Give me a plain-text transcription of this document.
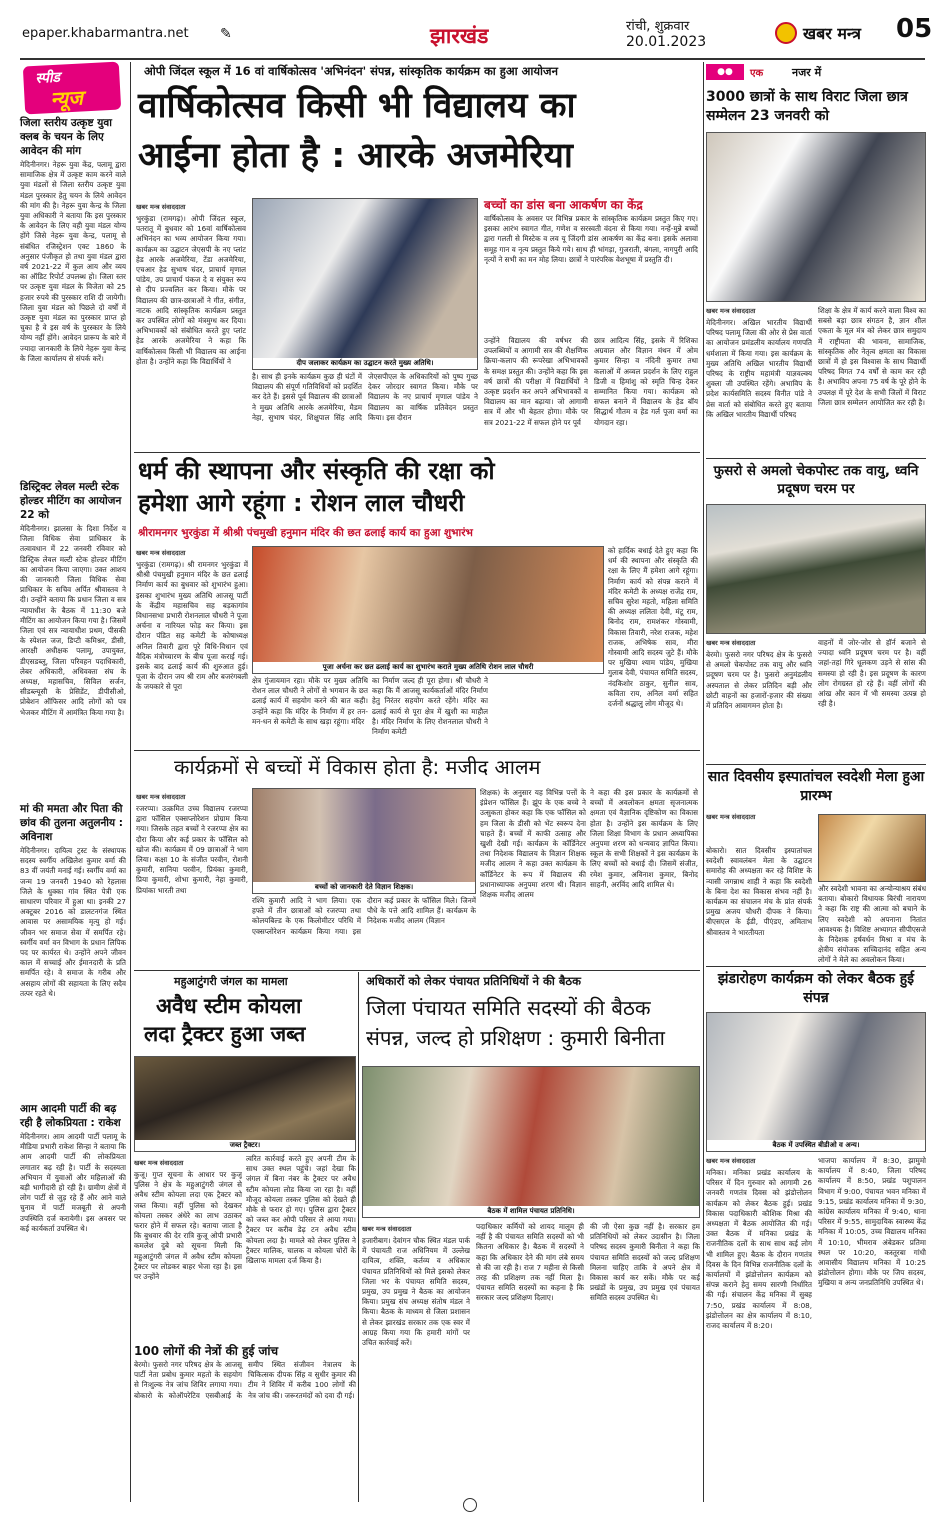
epaper.khabarmantra.net ✎	झारखंड	रांची, शुक्रवार
20.01.2023	खबर मन्त्र 05
स्पीड
न्यूज
जिला स्तरीय उत्कृष्ट युवा क्लब के चयन के लिए आवेदन की मांग
मेदिनीनगर। नेहरू युवा केंद्र, पलामू द्वारा सामाजिक क्षेत्र में उत्कृष्ट काम करने वाले युवा मंडलों से जिला स्तरीय उत्कृष्ट युवा मंडल पुरस्कार हेतु चयन के लिये आवेदन की मांग की है। नेहरू युवा केन्द्र के जिला युवा अधिकारी ने बताया कि इस पुरस्कार के आवेदन के लिए वही युवा मंडल योग्य होंगे जिसे नेहरू युवा केन्द्र, पलामू से संबंधित रजिस्ट्रेशन एक्ट 1860 के अनुसार पंजीकृत हो तथा युवा मंडल द्वारा वर्ष 2021-22 में कुल आय और व्यय का ऑडिट रिपोर्ट उपलब्ध हो। जिला स्तर पर उत्कृष्ट युवा मंडल के विजेता को 25 हजार रुपये की पुरस्कार राशि दी जायेगी। जिला युवा मंडल को पिछले दो वर्षों में उत्कृष्ट युवा मंडल का पुरस्कार प्राप्त हो चुका है वे इस वर्ष के पुरस्कार के लिये योग्य नहीं होंगे। आवेदन प्रारूप के बारे में ज्यादा जानकारी के लिये नेहरू युवा केन्द्र के जिला कार्यालय से संपर्क करें।
डिस्ट्रिक्ट लेवल मल्टी स्टेक होल्डर मीटिंग का आयोजन 22 को
मेदिनीनगर। झालसा के दिशा निर्देश व जिला विधिक सेवा प्राधिकार के तत्वावधान में 22 जनवरी रविवार को डिस्ट्रिक लेवल मल्टी स्टेक होल्डर मीटिंग का आयोजन किया जाएगा। उक्त आशय की जानकारी जिला विधिक सेवा प्राधिकार के सचिव अर्पित श्रीवास्तव ने दी। उन्होंने बताया कि प्रधान जिला व सत्र न्यायाधीश के बैठक में 11:30 बजे मीटिंग का आयोजन किया गया है। जिसमें जिला एवं सत्र न्यायाधीश प्रथम, पीसकी के स्पेशल जज, डिप्टी कमिश्नर, डीसी, आरक्षी अधीक्षक पलामू, उपायुक्त, डीएसडब्लू, जिला परिवहन पदाधिकारी, लेबर अधिकारी, अधिवक्ता संघ के अध्यक्ष, महासचिव, सिविल सर्जन, सीडब्ल्यूसी के प्रेसिडेंट, डीपीसीओ, प्रोबेशन ऑफिसर आदि लोगों को पत्र भेजकर मीटिंग में आमंत्रित किया गया है।
मां की ममता और पिता की छांव की तुलना अतुलनीय : अविनाश
मेदिनीनगर। दायित्व ट्रस्ट के संस्थापक सदस्य स्वर्गीय अखिलेश कुमार वर्मा की 83 वीं जयंती मनाई गई। स्वर्गीय वर्मा का जन्म 19 जनवरी 1940 को रेहलास जिले के धुक्का गांव स्थित पेत्री एक साधारण परिवार में हुआ था। इनकी 27 अक्टूबर 2016 को डालटनगंज स्थित आवास पर असामयिक मृत्यु हो गई। जीवन भर समाज सेवा में समर्पित रहे। स्वर्गीय वर्मा वन विभाग के प्रधान लिपिक पद पर कार्यरत थे। उन्होंने अपने जीवन काल में सच्चाई और ईमानदारी के प्रति समर्पित रहे। वे समाज के गरीब और असहाय लोगों की सहायता के लिए सदैव तत्पर रहते थे।
आम आदमी पार्टी की बढ़ रही है लोकप्रियता : राकेश
मेदिनीनगर। आम आदमी पार्टी पलामू के मीडिया प्रभारी राकेश सिन्हा ने बताया कि आम आदमी पार्टी की लोकप्रियता लगातार बढ़ रही है। पार्टी के सदस्यता अभियान में युवाओं और महिलाओं की बड़ी भागीदारी हो रही है। ग्रामीण क्षेत्रों में लोग पार्टी से जुड़ रहे हैं और आने वाले चुनाव में पार्टी मजबूती से अपनी उपस्थिति दर्ज करायेगी। इस अवसर पर कई कार्यकर्ता उपस्थित थे।
ओपी जिंदल स्कूल में 16 वां वार्षिकोत्सव 'अभिनंदन' संपन्न, सांस्कृतिक कार्यक्रम का हुआ आयोजन
वार्षिकोत्सव किसी भी विद्यालय का
आईना होता है : आरके अजमेरिया
खबर मन्त्र संवाददाता
भुरकुंडा (रामगढ़)। ओपी जिंदल स्कूल, पतरातू में बुधवार को 16वां वार्षिकोत्सव अभिनंदन का भव्य आयोजन किया गया। कार्यक्रम का उद्घाटन जेएसपी के नए प्लांट हेड आरके अजमेरिया, टेंडा अजमेरिया, एचआर हेड सुभाष चंदर, प्राचार्य मृणाल पांडेय, उप प्राचार्य पंकज दे व संयुक्त रूप से दीप प्रज्वलित कर किया। मौके पर विद्यालय की छात्र-छात्राओं ने गीत, संगीत, नाटक आदि सांस्कृतिक कार्यक्रम प्रस्तुत कर उपस्थित लोगों को मंत्रमुग्ध कर दिया। अभिभावकों को संबोधित करते हुए प्लांट हेड आरके अजमेरिया ने कहा कि वार्षिकोत्सव किसी भी विद्यालय का आईना होता है। उन्होंने कहा कि विद्यार्थियों ने	दीप जलाकर कार्यक्रम का उद्घाटन करते मुख्य अतिथि।
है। साथ ही इनके कार्यक्रम कुछ ही घंटों में विद्यालय की संपूर्ण गतिविधियों को प्रदर्शित कर देते हैं। इससे पूर्व विद्यालय की छात्राओं ने मुख्य अतिथि आरके अजमेरिया, मैडम नेहा, सुभाष चंदर, शिक्षुपाल सिंह आदि जेएसपीएल के अधिकारियों को पुष्प गुच्छ देकर जोरदार स्वागत किया। मौके पर विद्यालय के नए प्राचार्य मृणाल पांडेय ने विद्यालय का वार्षिक प्रतिवेदन प्रस्तुत किया। इस दौरान
बच्चों का डांस बना आकर्षण का केंद्र
वार्षिकोत्सव के अवसर पर विभिन्न प्रकार के सांस्कृतिक कार्यक्रम प्रस्तुत किए गए। इसका आरंभ स्वागत गीत, गणेश व सरस्वती वंदना से किया गया। नन्हें-मुन्ने बच्चों द्वारा गलती से मिस्टेक व लव यू जिंदगी डांस आकर्षण का केंद्र बना। इसके अलावा समूह गान व नृत्य प्रस्तुत किये गये। साथ ही भांगड़ा, गुजराती, बंगला, नागपुरी आदि नृत्यों ने सभी का मन मोह लिया। छात्रों ने पारंपरिक वेशभूषा में प्रस्तुति दी।
उन्होंने विद्यालय की वर्षभर की उपलब्धियों व आगामी सत्र की शैक्षणिक क्रिया-कलाप की रूपरेखा अभिभावकों के समक्ष प्रस्तुत की। उन्होंने कहा कि इस वर्ष छात्रों की परीक्षा में विद्यार्थियों ने उत्कृष्ट प्रदर्शन कर अपने अभिभावकों व विद्यालय का मान बढ़ाया। जो आगामी सत्र में और भी बेहतर होगा। मौके पर सत्र 2021-22 में सफल होने पर पूर्व
छात्र आदित्य सिंह, इसके में रिशिका अग्रवाल और विज्ञान मंथन में ओम कुमार सिन्हा व नंदिनी कुमार तथा कलाओं में अव्वल प्रदर्शन के लिए राहुल डिजी व हिमांशु को स्मृति चिन्ह देकर सम्मानित किया गया। कार्यक्रम को सफल बनाने में विद्यालय के हेड बॉय सिद्धार्थ गौतम व हेड गर्ल पूजा वर्मा का योगदान रहा।
धर्म की स्थापना और संस्कृति की रक्षा को
हमेशा आगे रहूंगा : रोशन लाल चौधरी
श्रीरामनगर भुरकुंडा में श्रीश्री पंचमुखी हनुमान मंदिर की छत ढलाई कार्य का हुआ शुभारंभ
खबर मन्त्र संवाददाता
भुरकुंडा (रामगढ़)। श्री रामनगर भुरकुंडा में श्रीश्री पंचमुखी हनुमान मंदिर के छत ढलाई निर्माण कार्य का बुधवार को शुभारंभ हुआ। इसका शुभारंभ मुख्य अतिथि आजसू पार्टी के केंद्रीय महासचिव सह बड़कागांव विधानसभा प्रभारी रोशनलाल चौधरी ने पूजा अर्चना व नारियल फोड़ कर किया। इस दौरान पंडित सह कमेटी के कोषाध्यक्ष अनिल तिवारी द्वारा पूरे विधि-विधान एवं वैदिक मंत्रोच्चारण के बीच पूजा कराई गई। इसके बाद ढलाई कार्य की शुरुआत हुई। पूजा के दौरान जय श्री राम और बजरंगबली के जयकारे से पूरा
पूजा अर्चना कर छत ढलाई कार्य का शुभारंभ कराते मुख्य अतिथि रोशन लाल चौधरी
क्षेत्र गुंजायमान रहा। मौके पर मुख्य अतिथि रोशन लाल चौधरी ने लोगों से भगवान के छत ढलाई कार्य में सहयोग करने की बात कही। उन्होंने कहा कि मंदिर के निर्माण में हर तन-मन-धन से कमेटी के साथ खड़ा रहूंगा। मंदिर
का निर्माण जल्द ही पूरा होगा। श्री चौधरी ने कहा कि मैं आजसू कार्यकर्ताओं मंदिर निर्माण हेतु निरंतर सहयोग करते रहेंगे। मंदिर का ढलाई कार्य से पूरा क्षेत्र में खुशी का माहौल है। मंदिर निर्माण के लिए रोशनलाल चौधरी ने निर्माण कमेटी
को हार्दिक बधाई देते हुए कहा कि धर्म की स्थापना और संस्कृति की रक्षा के लिए मैं हमेशा आगे रहूंगा। निर्माण कार्य को संपन्न कराने में मंदिर कमेटी के अध्यक्ष राजेंद्र राम, सचिव सुरेश महतो, महिला समिति की अध्यक्ष ललिता देवी, मंटू राम, बिनोद राम, रामशंकर गोस्वामी, विकास तिवारी, नरेश राजक, महेश राजक, अभिषेक साव, मीरा गोस्वामी आदि सदस्य जुटे हैं। मौके पर मुखिया श्याम पांडेय, मुखिया गुलाब देवी, पंचायत समिति सदस्य, नंदकिशोर ठाकुर, सुनील साव, कविता राय, अनिल वर्मा सहित दर्जनों श्रद्धालु लोग मौजूद थे।
कार्यक्रमों से बच्चों में विकास होता है: मजीद आलम
खबर मन्त्र संवाददाता
रजरप्पा। उत्क्रमित उच्च विद्यालय रजरप्पा द्वारा फॉसिल एक्सप्लोरेशन प्रोग्राम किया गया। जिसके तहत बच्चों ने रजरप्पा क्षेत्र का दौरा किया और कई प्रकार के फॉसिल को खोज की। कार्यक्रम में 09 छात्राओं ने भाग लिया। कक्षा 10 के संजीत परवीन, रोशनी कुमारी, सानिया परवीन, प्रियंका कुमारी, प्रिया कुमारी, शोभा कुमारी, नेहा कुमारी, प्रियांका भारती तथा	बच्चों को जानकारी देते विज्ञान शिक्षक।
रश्मि कुमारी आदि ने भाग लिया। एक हफ्ते में तीन छात्राओं को रजरप्पा तथा कोलयबिल्ड के एक किलोमीटर परिधि में एक्सप्लोरेशन कार्यक्रम किया गया। इस दौरान कई प्रकार के फॉसिल मिले। जिनमें पौधे के पत्ते आदि शामिल हैं। कार्यक्रम के निदेशक मजीद आलम (विज्ञान
शिक्षक) के अनुसार यह विभिन्न पत्तों के इंप्रेशन फॉसिल हैं। झूंप के एक बच्चे ने उत्सुकता होकर कहा कि एक फॉसिल को हम जिला के डीसी को भेंट स्वरूप देना चाहते हैं। बच्चों में काफी उत्साह और खुशी देखी गई। कार्यक्रम के कॉर्डिनेटर तथा निदेशक विद्यालय के विज्ञान शिक्षक मजीद आलम ने कहा उक्त कार्यक्रम के कॉर्डिनेटर के रूप में विद्यालय की प्रधानाध्यापक अनुपमा शरण थी। विज्ञान शिक्षक मजीद आलम
ने कहा की इस प्रकार के कार्यक्रमों से बच्चों में अवलोकन क्षमता सृजनात्मक क्षमता एवं वैज्ञानिक दृष्टिकोण का विकास होता है। उन्होंने इस कार्यक्रम के लिए जिला शिक्षा विभाग के प्रधान अध्यापिका अनुपमा शरण को धन्यवाद ज्ञापित किया। स्कूल के सभी शिक्षकों ने इस कार्यक्रम के लिए बच्चों को बधाई दी। जिसमें संजीत, रमेश कुमार, अविनाश कुमार, बिनोद साहनी, अरविंद आदि शामिल थे।
महुआटुंगरी जंगल का मामला
अवैध स्टीम कोयला
लदा ट्रैक्टर हुआ जब्त
जब्त ट्रैक्टर।
खबर मन्त्र संवाददाता
कुजू। गुप्त सूचना के आधार पर कुजू पुलिस ने क्षेत्र के महुआटुंगरी जंगल से अवैध स्टीम कोयला लदा एक ट्रैक्टर को जब्त किया। वहीं पुलिस को देखकर कोयला तस्कर अंधेरे का लाभ उठाकर फरार होने में सफल रहे। बताया जाता है कि बुधवार की देर रात्रि कुजू ओपी प्रभारी कमलेश दुबे को सूचना मिली कि महुआटुंगरी जंगल में अवैध स्टीम कोयला ट्रैक्टर पर लोडकर बाहर भेजा रहा है। इस पर उन्होंने
त्वरित कार्रवाई करते हुए अपनी टीम के साथ उक्त स्थल पहुंचे। जहां देखा कि जंगल में बिना नंबर के ट्रैक्टर पर अवैध स्टीम कोयला लोड किया जा रहा है। वहीं मौजूद कोयला तस्कर पुलिस को देखते ही मौके से फरार हो गए। पुलिस द्वारा ट्रैक्टर को जब्त कर ओपी परिसर ले आया गया। ट्रैक्टर पर करीब डेढ़ टन अवैध स्टीम कोयला लदा है। मामले को लेकर पुलिस ने ट्रैक्टर मालिक, चालक व कोयला चोरों के खिलाफ मामला दर्ज किया है।
100 लोगों की नेत्रों की हुई जांच
बेरमो। फुसरो नगर परिषद क्षेत्र के आजसू पार्टी नेता प्रबोध कुमार महतो के सहयोग से निःशुल्क नेत्र जांच शिविर लगाया गया। बोकारो के कोऑपरेटिव एसबीआई के समीप स्थित संजीवन नेत्रालय के चिकित्सक दीपक सिंह व सुधीर कुमार की टीम ने शिविर में करीब 100 लोगों की नेत्र जांच की। जरूरतमंदों को दवा दी गई।
अधिकारों को लेकर पंचायत प्रतिनिधियों ने की बैठक
जिला पंचायत समिति सदस्यों की बैठक
संपन्न, जल्द हो प्रशिक्षण : कुमारी बिनीता
बैठक में शामिल पंचायत प्रतिनिधि।
खबर मन्त्र संवाददाता
हजारीबाग। देवांगन चौक स्थित मंडल पार्क में पंचायती राज अधिनियम में उल्लेख दायित्व, शक्ति, कर्तव्य व अधिकार पंचायत प्रतिनिधियों को मिले इसको लेकर जिला भर के पंचायत समिति सदस्य, प्रमुख, उप प्रमुख ने बैठक का आयोजन किया। प्रमुख संघ अध्यक्ष संतोष मंडल ने किया। बैठक के माध्यम से जिला प्रशासन से लेकर झारखंड सरकार तक एक स्वर में आग्रह किया गया कि हमारी मांगों पर उचित कार्रवाई करें।
पदाधिकार कर्मियों को शायद मालूम ही नहीं है की पंचायत समिति सदस्यों को भी कितना अधिकार है। बैठक में सदस्यों ने कहा कि अधिकार देने की मांग लंबे समय से की जा रही है। राज 7 महीना से किसी तरह की प्रशिक्षण तक नहीं मिला है। पंचायत समिति सदस्यों का कहना है कि सरकार जल्द प्रशिक्षण दिलाए।
की जी ऐसा कुछ नहीं है। सरकार हम प्रतिनिधियों को लेकर उदासीन है। जिला परिषद सदस्य कुमारी बिनीता ने कहा कि पंचायत समिति सदस्यों को जल्द प्रशिक्षण मिलना चाहिए ताकि वे अपने क्षेत्र में विकास कार्य कर सकें। मौके पर कई प्रखंडों के प्रमुख, उप प्रमुख एवं पंचायत समिति सदस्य उपस्थित थे।
●●	एक	नजर में
3000 छात्रों के साथ विराट जिला छात्र सम्मेलन 23 जनवरी को
खबर मन्त्र संवाददाता
मेदिनीनगर। अखिल भारतीय विद्यार्थी परिषद पलामू जिला की ओर से प्रेस वार्ता का आयोजन प्रमंडलीय कार्यालय गणपति धर्मशाला में किया गया। इस कार्यक्रम के मुख्य अतिथि अखिल भारतीय विद्यार्थी परिषद के राष्ट्रीय महामंत्री याज्ञवल्क्य शुक्ला जी उपस्थित रहेंगे। अभाविप के प्रदेश कार्यसमिति सदस्य विनीत पांडे ने प्रेस वार्ता को संबोधित करते हुए बताया कि अखिल भारतीय विद्यार्थी परिषद
शिक्षा के क्षेत्र में कार्य करने वाला विश्व का सबसे बड़ा छात्र संगठन है, ज्ञान शील एकता के मूल मंत्र को लेकर छात्र समुदाय में राष्ट्रीयता की भावना, सामाजिक, सांस्कृतिक और नेतृत्व क्षमता का विकास छात्रों में हो इस विश्वास के साथ विद्यार्थी परिषद विगत 74 वर्षों से काम कर रही है। अभाविप अपना 75 वर्ष के पूरे होने के उपलक्ष में पूरे देश के सभी जिलों में विराट जिला छात्र सम्मेलन आयोजित कर रही है।
फुसरो से अमलो चेकपोस्ट तक वायु, ध्वनि प्रदूषण चरम पर
खबर मन्त्र संवाददाता
बेरमो। फुसरो नगर परिषद क्षेत्र के फुसरो से अमलो चेकपोस्ट तक वायु और ध्वनि प्रदूषण चरम पर है। फुसरो अनुमंडलीय अस्पताल से लेकर प्रतिदिन बड़ी और छोटी वाहनों का हजारों-हजार की संख्या में प्रतिदिन आवागमन होता है।
वाहनों में जोर-जोर से हॉर्न बजाने से ज्यादा ध्वनि प्रदूषण चरम पर है। वहीं जहां-तहां गिरे धूलकण उड़ने से सांस की समस्या हो रही है। इस प्रदूषण के कारण लोग रोगग्रस्त हो रहे हैं। वहीं लोगों की आंख और कान में भी समस्या उत्पन्न हो रही है।
सात दिवसीय इस्पातांचल स्वदेशी मेला हुआ प्रारम्भ
खबर मन्त्र संवाददाता
बोकारो। सात दिवसीय इस्पातांचल स्वदेशी स्वावलंबन मेला के उद्घाटन समारोह की अध्यक्षता कर रहे विशिष्ट के न्यासी जगन्नाथ शाही ने कहा कि स्वदेशी के बिना देश का विकास संभव नहीं है। कार्यक्रम का संचालन मंच के प्रांत संपर्क प्रमुख अजय चौधरी दीपक ने किया। बीएसएल के ईडी, पीएंडए, अमिताभ श्रीवास्तव ने भारतीयता
और स्वदेशी भावना का अन्योन्याश्रय संबंध बताया। बोकारो विधायक बिरंची नारायण ने कहा कि राष्ट्र की आत्मा को बचाने के लिए स्वदेशी को अपनाना नितांत आवश्यक है। विशिष्ट अभ्यागत सीपीएसजे के निदेशक हर्षवर्धन मिश्रा व मंच के क्षेत्रीय संयोजक सच्चिदानंद सहित अन्य लोगों ने मेले का अवलोकन किया।
झंडारोहण कार्यक्रम को लेकर बैठक हुई संपन्न
बैठक में उपस्थित बीडीओ व अन्य।
खबर मन्त्र संवाददाता
मनिका। मनिका प्रखंड कार्यालय के परिसर में दिन गुरुवार को आगामी 26 जनवरी गणतंत्र दिवस को झंडोत्तोलन कार्यक्रम को लेकर बैठक हुई। प्रखंड विकास पदाधिकारी कौशिक मिश्रा की अध्यक्षता में बैठक आयोजित की गई। उक्त बैठक में मनिका प्रखंड के राजनीतिक दलों के साथ साथ कई लोग भी शामिल हुए। बैठक के दौरान गणतंत्र दिवस के दिन विभिन्न राजनीतिक दलों के कार्यालयों में झंडोत्तोलन कार्यक्रम को संपन्न कराने हेतु समय सारणी निर्धारित की गई। संचालन केंद्र मनिका में सुबह 7:50, प्रखंड कार्यालय में 8:08, झंडोत्तोलन का क्षेत्र कार्यालय में 8:10, राजद कार्यालय में 8:20।
भाजपा कार्यालय में 8:30, झामुमो कार्यालय में 8:40, जिला परिषद कार्यालय में 8:50, प्रखंड पशुपालन विभाग में 9:00, पंचायत भवन मनिका में 9:15, प्रखंड कार्यालय मनिका में 9:30, कांग्रेस कार्यालय मनिका में 9:40, थाना परिसर में 9:55, सामुदायिक स्वास्थ्य केंद्र मनिका में 10:05, उच्च विद्यालय मनिका में 10:10, भीमराव अंबेडकर प्रतिमा स्थल पर 10:20, कस्तूरबा गांधी आवासीय विद्यालय मनिका में 10:25 झंडोत्तोलन होगा। मौके पर जिप सदस्य, मुखिया व अन्य जनप्रतिनिधि उपस्थित थे।
